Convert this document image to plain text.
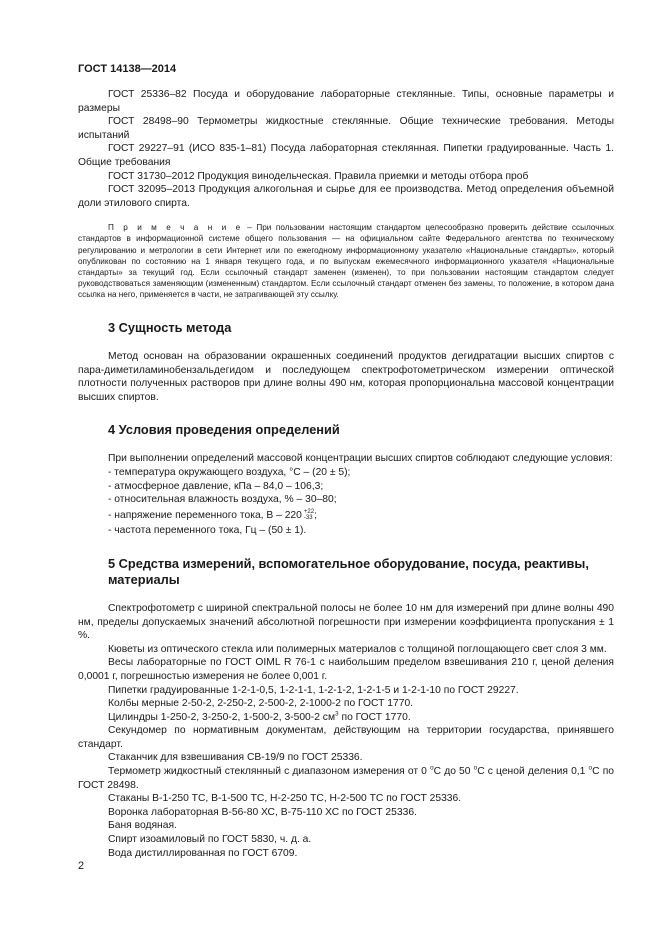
ГОСТ 14138—2014

ГОСТ 25336–82 Посуда и оборудование лабораторные стеклянные. Типы, основные параметры и размеры

ГОСТ 28498–90 Термометры жидкостные стеклянные. Общие технические требования. Методы испытаний

ГОСТ 29227–91 (ИСО 835-1–81) Посуда лабораторная стеклянная. Пипетки градуированные. Часть 1. Общие требования

ГОСТ 31730–2012 Продукция винодельческая. Правила приемки и методы отбора проб

ГОСТ 32095–2013 Продукция алкогольная и сырье для ее производства. Метод определения объемной доли этилового спирта.

П р и м е ч а н и е – При пользовании настоящим стандартом целесообразно проверить действие ссылочных стандартов в информационной системе общего пользования — на официальном сайте Федерального агентства по техническому регулированию и метрологии в сети Интернет или по ежегодному информационному указателю «Национальные стандарты», который опубликован по состоянию на 1 января текущего года, и по выпускам ежемесячного информационного указателя «Национальные стандарты» за текущий год. Если ссылочный стандарт заменен (изменен), то при пользовании настоящим стандартом следует руководствоваться заменяющим (измененным) стандартом. Если ссылочный стандарт отменен без замены, то положение, в котором дана ссылка на него, применяется в части, не затрагивающей эту ссылку.

3 Сущность метода

Метод основан на образовании окрашенных соединений продуктов дегидратации высших спиртов с пара-диметиламинобензальдегидом и последующем спектрофотометрическом измерении оптической плотности полученных растворов при длине волны 490 нм, которая пропорциональна массовой концентрации высших спиртов.

4 Условия проведения определений

При выполнении определений массовой концентрации высших спиртов соблюдают следующие условия:

- температура окружающего воздуха, °C – (20 ± 5);

- атмосферное давление, кПа – 84,0 – 106,3;

- относительная влажность воздуха, % – 30–80;

- напряжение переменного тока, В – 220 +22
-33 ;

- частота переменного тока, Гц – (50 ± 1).

5 Средства измерений, вспомогательное оборудование, посуда, реактивы, материалы

Спектрофотометр с шириной спектральной полосы не более 10 нм для измерений при длине волны 490 нм, пределы допускаемых значений абсолютной погрешности при измерении коэффициента пропускания ± 1 %.

Кюветы из оптического стекла или полимерных материалов с толщиной поглощающего свет слоя 3 мм.

Весы лабораторные по ГОСТ OIML R 76-1 с наибольшим пределом взвешивания 210 г, ценой деления 0,0001 г, погрешностью измерения не более 0,001 г.

Пипетки градуированные 1-2-1-0,5, 1-2-1-1, 1-2-1-2, 1-2-1-5 и 1-2-1-10 по ГОСТ 29227.

Колбы мерные 2-50-2, 2-250-2, 2-500-2, 2-1000-2 по ГОСТ 1770.

Цилиндры 1-250-2, 3-250-2, 1-500-2, 3-500-2 $см^3$ по ГОСТ 1770.

Секундомер по нормативным документам, действующим на территории государства, принявшего стандарт.

Стаканчик для взвешивания СВ-19/9 по ГОСТ 25336.

Термометр жидкостный стеклянный с диапазоном измерения от 0 $^о$С до 50 $^о$С с ценой деления 0,1 $^о$С по ГОСТ 28498.

Стаканы В-1-250 ТС, В-1-500 ТС, Н-2-250 ТС, Н-2-500 ТС по ГОСТ 25336.

Воронка лабораторная В-56-80 ХС, В-75-110 ХС по ГОСТ 25336.

Баня водяная.

Спирт изоамиловый по ГОСТ 5830, ч. д. а.

Вода дистиллированная по ГОСТ 6709.

2
